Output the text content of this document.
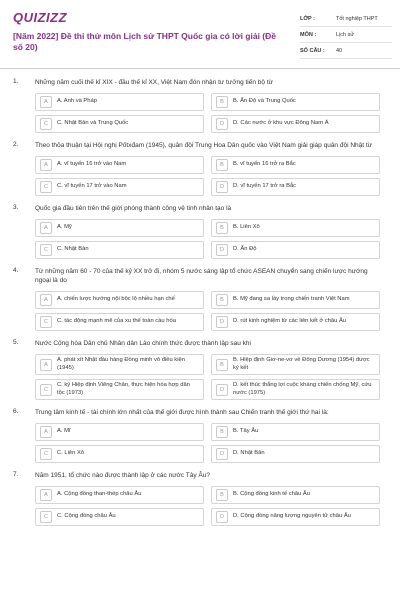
QUIZIZZ
[Năm 2022] Đề thi thử môn Lịch sử THPT Quốc gia có lời giải (Đề số 20)
LỚP :	Tốt nghiệp THPT
MÔN :	Lịch sử
SỐ CÂU :	40
1.	Những năm cuối thế kỉ XIX - đầu thế kỉ XX, Việt Nam đón nhận tư tưởng tiến bộ từ
A	A. Anh và Pháp	B	B. Ấn Độ và Trung Quốc
C	C. Nhật Bản và Trung Quốc	D	D. Các nước ở khu vực Đông Nam Á
2.	Theo thỏa thuận tại Hội nghị Pốtxđam (1945), quân đội Trung Hoa Dân quốc vào Việt Nam giải giáp quân đội Nhật từ
A	A. vĩ tuyến 16 trở vào Nam	B	B. vĩ tuyến 16 trở ra Bắc
C	C. vĩ tuyến 17 trở vào Nam	D	D. vĩ tuyến 17 trở ra Bắc
3.	Quốc gia đầu tiên trên thế giới phóng thành công vệ tinh nhân tạo là
A	A. Mỹ	B	B. Liên Xô
C	C. Nhật Bản	D	D. Ấn Độ
4.	Từ những năm 60 - 70 của thế kỷ XX trở đi, nhóm 5 nước sáng lập tổ chức ASEAN chuyển sang chiến lược hướng ngoại là do
A	A. chiến lược hướng nội bộc lộ nhiều hạn chế	B	B. Mỹ đang sa lầy trong chiến tranh Việt Nam
C	C. tác động mạnh mẽ của xu thế toàn cầu hóa	D	D. rút kinh nghiệm từ các liên kết ở châu Âu
5.	Nước Cộng hòa Dân chủ Nhân dân Lào chính thức được thành lập sau khi
A
A. phát xít Nhật đầu hàng Đồng minh vô điều kiện (1945)	B
B. Hiệp định Giơ-ne-vơ về Đông Dương (1954) được ký kết
C
C. ký Hiệp định Viêng Chăn, thực hiện hòa hợp dân tộc (1973)	D
D. kết thúc thắng lợi cuộc kháng chiến chống Mỹ, cứu nước (1975)
6.	Trung tâm kinh tế - tài chính lớn nhất của thế giới được hình thành sau Chiến tranh thế giới thứ hai là:
A	A. Mĩ	B	B. Tây Âu
C	C. Liên Xô	D	D. Nhật Bản
7.	Năm 1951, tổ chức nào được thành lập ở các nước Tây Âu?
A	A. Cộng đồng than-thép châu Âu	B	B. Cộng đồng kinh tế châu Âu
C	C. Cộng đồng châu Âu	D	D. Cộng đồng năng lượng nguyên tử châu Âu
